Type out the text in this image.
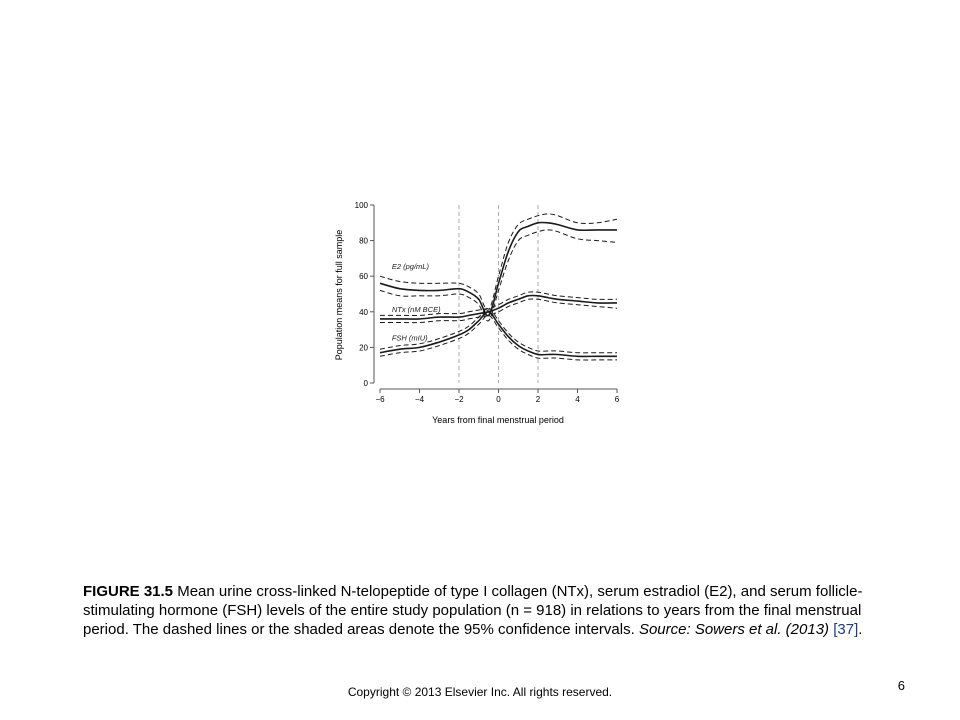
E2 (pg/mL)
NTx (nM BCE)
FSH (mIU)
0
20
40
60
80
100
−6	−4	−2	0	2	4	6
Years from final menstrual period
Population means for full sample
FIGURE 31.5 Mean urine cross-linked N-telopeptide of type I collagen (NTx), serum estradiol (E2), and serum follicle-stimulating hormone (FSH) levels of the entire study population (n = 918) in relations to years from the final menstrual period. The dashed lines or the shaded areas denote the 95% confidence intervals. Source: Sowers et al. (2013) [37].
Copyright © 2013 Elsevier Inc. All rights reserved.	6
